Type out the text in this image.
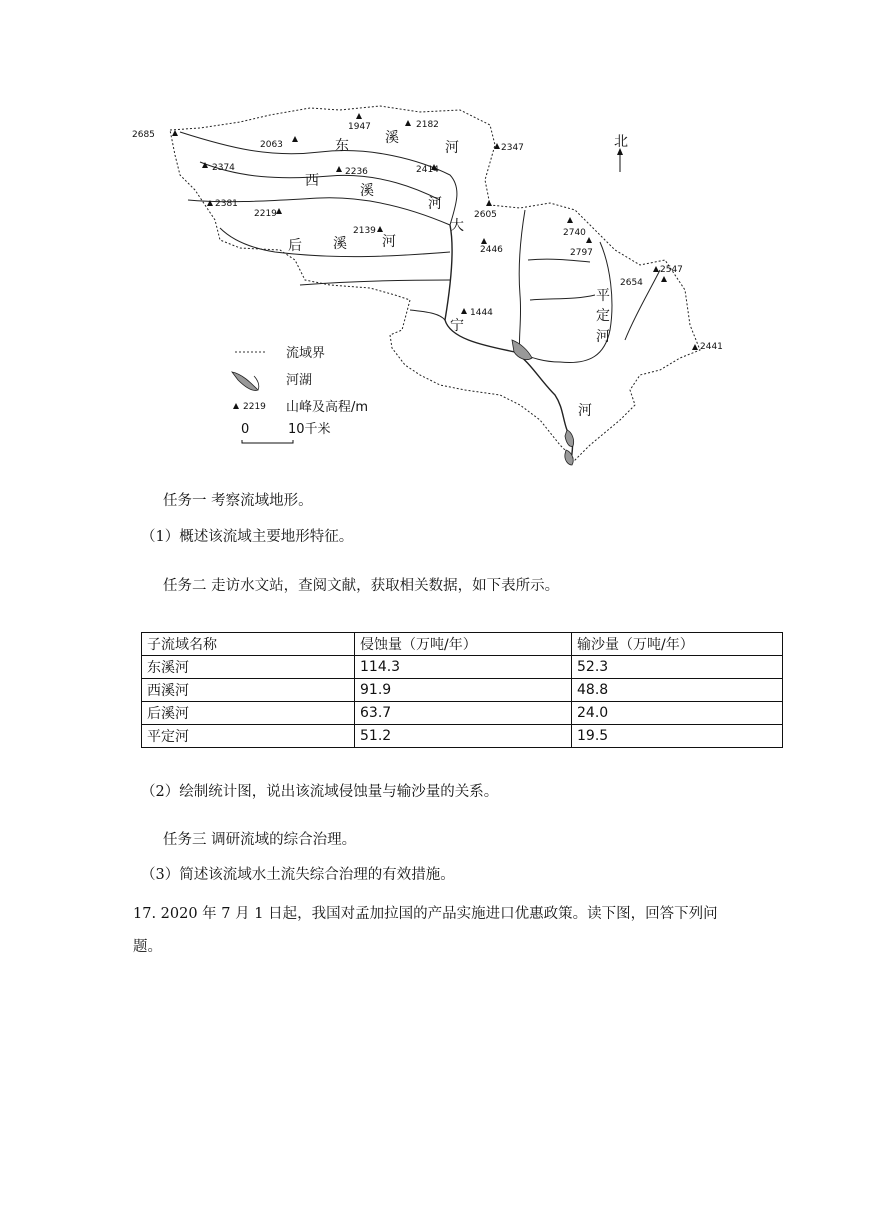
2685
1947	2182
2063	2347
2374	2236	2414
2381
2219	2605
2139	2740
2446	2797
2547
2654
1444
2441
东	溪
河
西
溪
河
后 溪	河
大
宁
河
平
定
河
北
流域界
河湖
2219 山峰及高程/m
0	10千米
任务一 考察流域地形。
（1）概述该流域主要地形特征。
任务二 走访水文站，查阅文献，获取相关数据，如下表所示。
子流域名称	侵蚀量（万吨/年）	输沙量（万吨/年）
东溪河	114.3	52.3
西溪河	91.9	48.8
后溪河	63.7	24.0
平定河	51.2	19.5
（2）绘制统计图，说出该流域侵蚀量与输沙量的关系。
任务三 调研流域的综合治理。
（3）简述该流域水土流失综合治理的有效措施。
17. 2020 年 7 月 1 日起，我国对孟加拉国的产品实施进口优惠政策。读下图，回答下列问
题。
